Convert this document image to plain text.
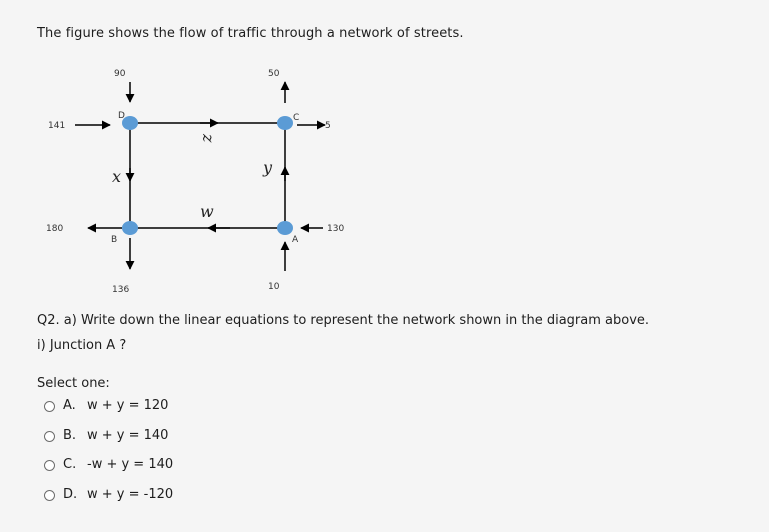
The figure shows the flow of traffic through a network of streets.
90	50
141	5
180	130
136	10
D	C
B	A
x	y
w
z
Q2. a) Write down the linear equations to represent the network shown in the diagram above.
i) Junction A ?
Select one:
A. w + y = 120
B. w + y = 140
C. -w + y = 140
D. w + y = -120
